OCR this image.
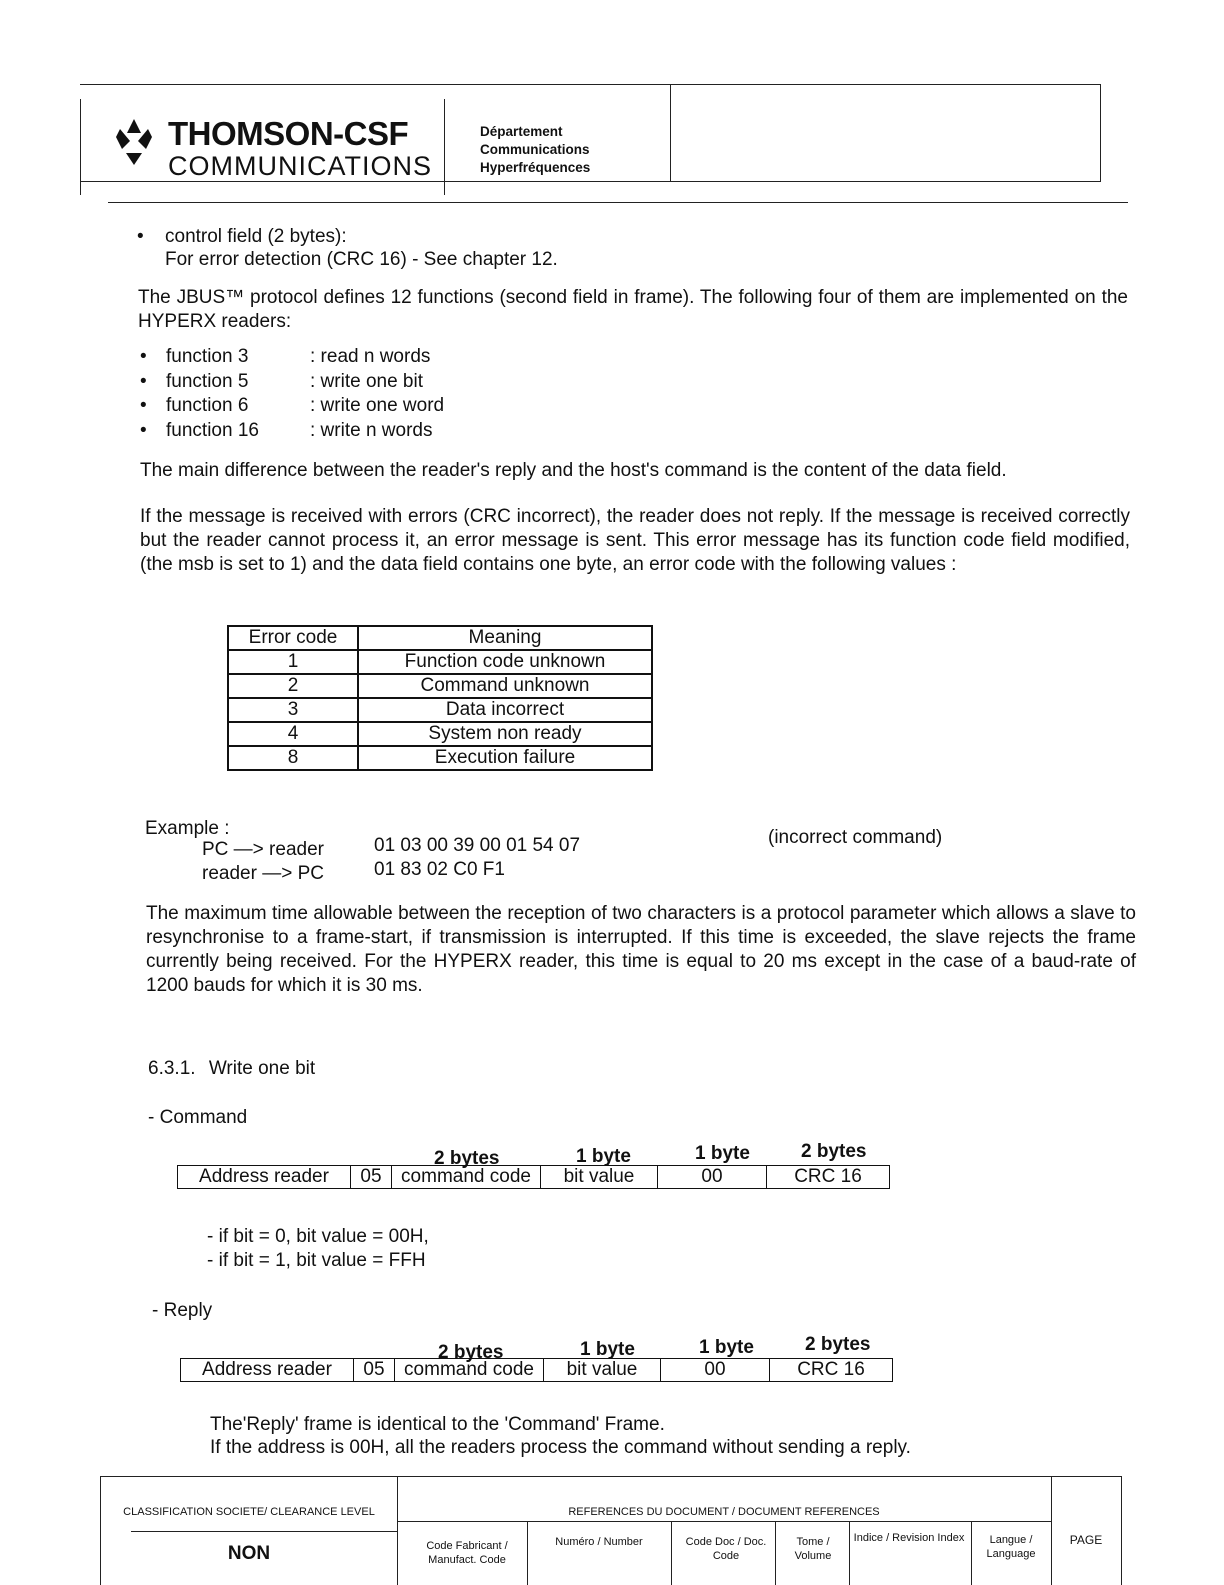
THOMSON-CSF
COMMUNICATIONS
Département
Communications
Hyperfréquences
• control field (2 bytes):
For error detection (CRC 16) - See chapter 12.
The JBUS™ protocol defines 12 functions (second field in frame). The following four of them are implemented on the HYPERX readers:
• function 3	: read n words
• function 5	: write one bit
• function 6	: write one word
• function 16	: write n words
The main difference between the reader's reply and the host's command is the content of the data field.
If the message is received with errors (CRC incorrect), the reader does not reply. If the message is received correctly but the reader cannot process it, an error message is sent. This error message has its function code field modified, (the msb is set to 1) and the data field contains one byte, an error code with the following values :
Error code	Meaning
1	Function code unknown
2	Command unknown
3	Data incorrect
4	System non ready
8	Execution failure
Example :
PC —> reader	01 03 00 39 00 01 54 07	(incorrect command)
reader —> PC	01 83 02 C0 F1
The maximum time allowable between the reception of two characters is a protocol parameter which allows a slave to resynchronise to a frame-start, if transmission is interrupted. If this time is exceeded, the slave rejects the frame currently being received. For the HYPERX reader, this time is equal to 20 ms except in the case of a baud-rate of 1200 bauds for which it is 30 ms.
6.3.1. Write one bit
- Command
2 bytes	1 byte	1 byte	2 bytes
Address reader	05	command code	bit value	00	CRC 16
- if bit = 0, bit value = 00H,
- if bit = 1, bit value = FFH
- Reply
2 bytes	1 byte	1 byte	2 bytes
Address reader	05	command code	bit value	00	CRC 16
The'Reply' frame is identical to the 'Command' Frame.
If the address is 00H, all the readers process the command without sending a reply.
CLASSIFICATION SOCIETE/ CLEARANCE LEVEL
NON
REFERENCES DU DOCUMENT / DOCUMENT REFERENCES
Code Fabricant / Manufact. Code
Numéro / Number	Code Doc / Doc. Code
Tome / Volume
Indice / Revision Index	Langue / Language
PAGE
